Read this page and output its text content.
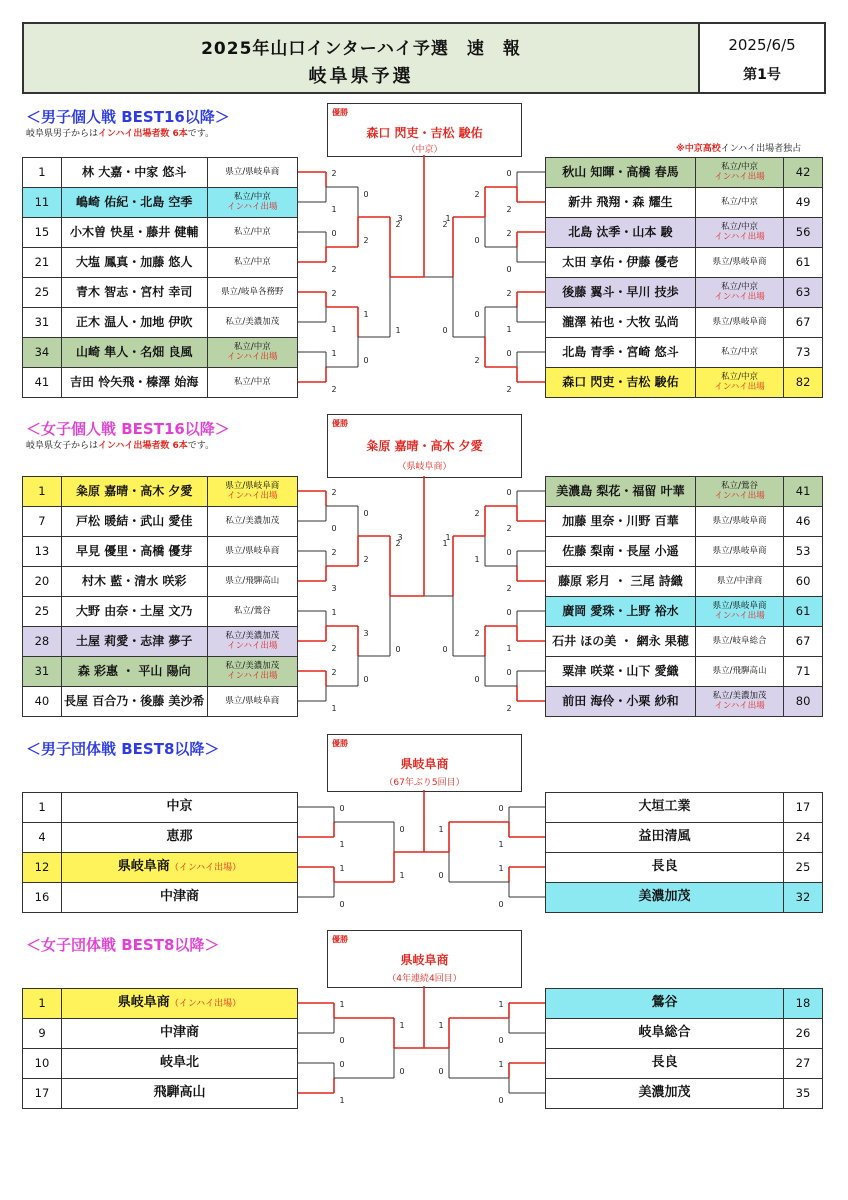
2025年山口インターハイ予選　速　報
岐阜県予選
2025/6/5
第1号
＜男子個人戦 BEST16以降＞
岐阜県男子からはインハイ出場者数 6本です。
※中京高校インハイ出場者独占
優勝
森口 閃吏・吉松 駿佑
（中京）
1	林 大嘉・中家 悠斗	県立/県岐阜商
11	嶋崎 佑紀・北島 空季	私立/中京
インハイ出場

15	小木曽 快星・藤井 健輔	私立/中京
21	大塩 鳳真・加藤 悠人	私立/中京
25	青木 智志・宮村 幸司	県立/岐阜各務野
31	正木 温人・加地 伊吹	私立/美濃加茂
34	山崎 隼人・名畑 良風	私立/中京
インハイ出場

41	吉田 怜矢飛・榛澤 始海	私立/中京
秋山 知暉・高橋 春馬	私立/中京
インハイ出場	42
新井 飛翔・森 耀生	私立/中京	49
北島 汰季・山本 駿	私立/中京
インハイ出場	56
太田 享佑・伊藤 優壱	県立/県岐阜商	61
後藤 翼斗・早川 技歩	私立/中京
インハイ出場	63
瀧澤 祐也・大牧 弘尚	県立/県岐阜商	67
北島 青季・宮崎 悠斗	私立/中京	73
森口 閃吏・吉松 駿佑	私立/中京
インハイ出場	82
2
1
0
2
2
1
1
2
0
2
1
0
2
1
0
2
2
0
2
1
0
2
2
0
0
2
2
0
3	1
＜女子個人戦 BEST16以降＞
岐阜県女子からはインハイ出場者数 6本です。
優勝
粂原 嘉晴・高木 夕愛
（県岐阜商）
1	粂原 嘉晴・高木 夕愛	県立/県岐阜商
インハイ出場

7	戸松 暖結・武山 愛佳	私立/美濃加茂
13	早見 優里・高橋 優芽	県立/県岐阜商
20	村木 藍・清水 咲彩	県立/飛騨高山
25	大野 由奈・土屋 文乃	私立/鶯谷
28	土屋 莉愛・志津 夢子	私立/美濃加茂
インハイ出場

31	森 彩惠 ・ 平山 陽向	私立/美濃加茂
インハイ出場

40	長屋 百合乃・後藤 美沙希	県立/県岐阜商
美濃島 梨花・福留 叶華	私立/鶯谷
インハイ出場	41
加藤 里奈・川野 百華	県立/県岐阜商	46
佐藤 梨南・長屋 小遥	県立/県岐阜商	53
藤原 彩月 ・ 三尾 詩織	県立/中津商	60
廣岡 愛珠・上野 裕水	県立/県岐阜商
インハイ出場	61
石井 ほの美 ・ 網永 果穂	県立/岐阜総合	67
粟津 咲菜・山下 愛織	県立/飛騨高山	71
前田 海伶・小栗 紗和	私立/美濃加茂
インハイ出場	80
2
0
2
3
1
2
2
1
0
2
3
0
2
0
0
2
0
2
0
1
0
2
2
1
2
0
1
0
3	1
＜男子団体戦 BEST8以降＞	優勝
県岐阜商
（67年ぶり5回目）
1	中京
4	恵那
12	県岐阜商（インハイ出場）
16	中津商
大垣工業	17
益田清風	24
長良	25
美濃加茂	32
0
1
0
1
1
0
1
0
0
1
1
0
＜女子団体戦 BEST8以降＞	優勝
県岐阜商
（4年連続4回目）
1	県岐阜商（インハイ出場）
9	中津商
10	岐阜北
17	飛騨高山
鶯谷	18
岐阜総合	26
長良	27
美濃加茂	35
1
0
1
0
0
1
1
0
1
0
1
0
